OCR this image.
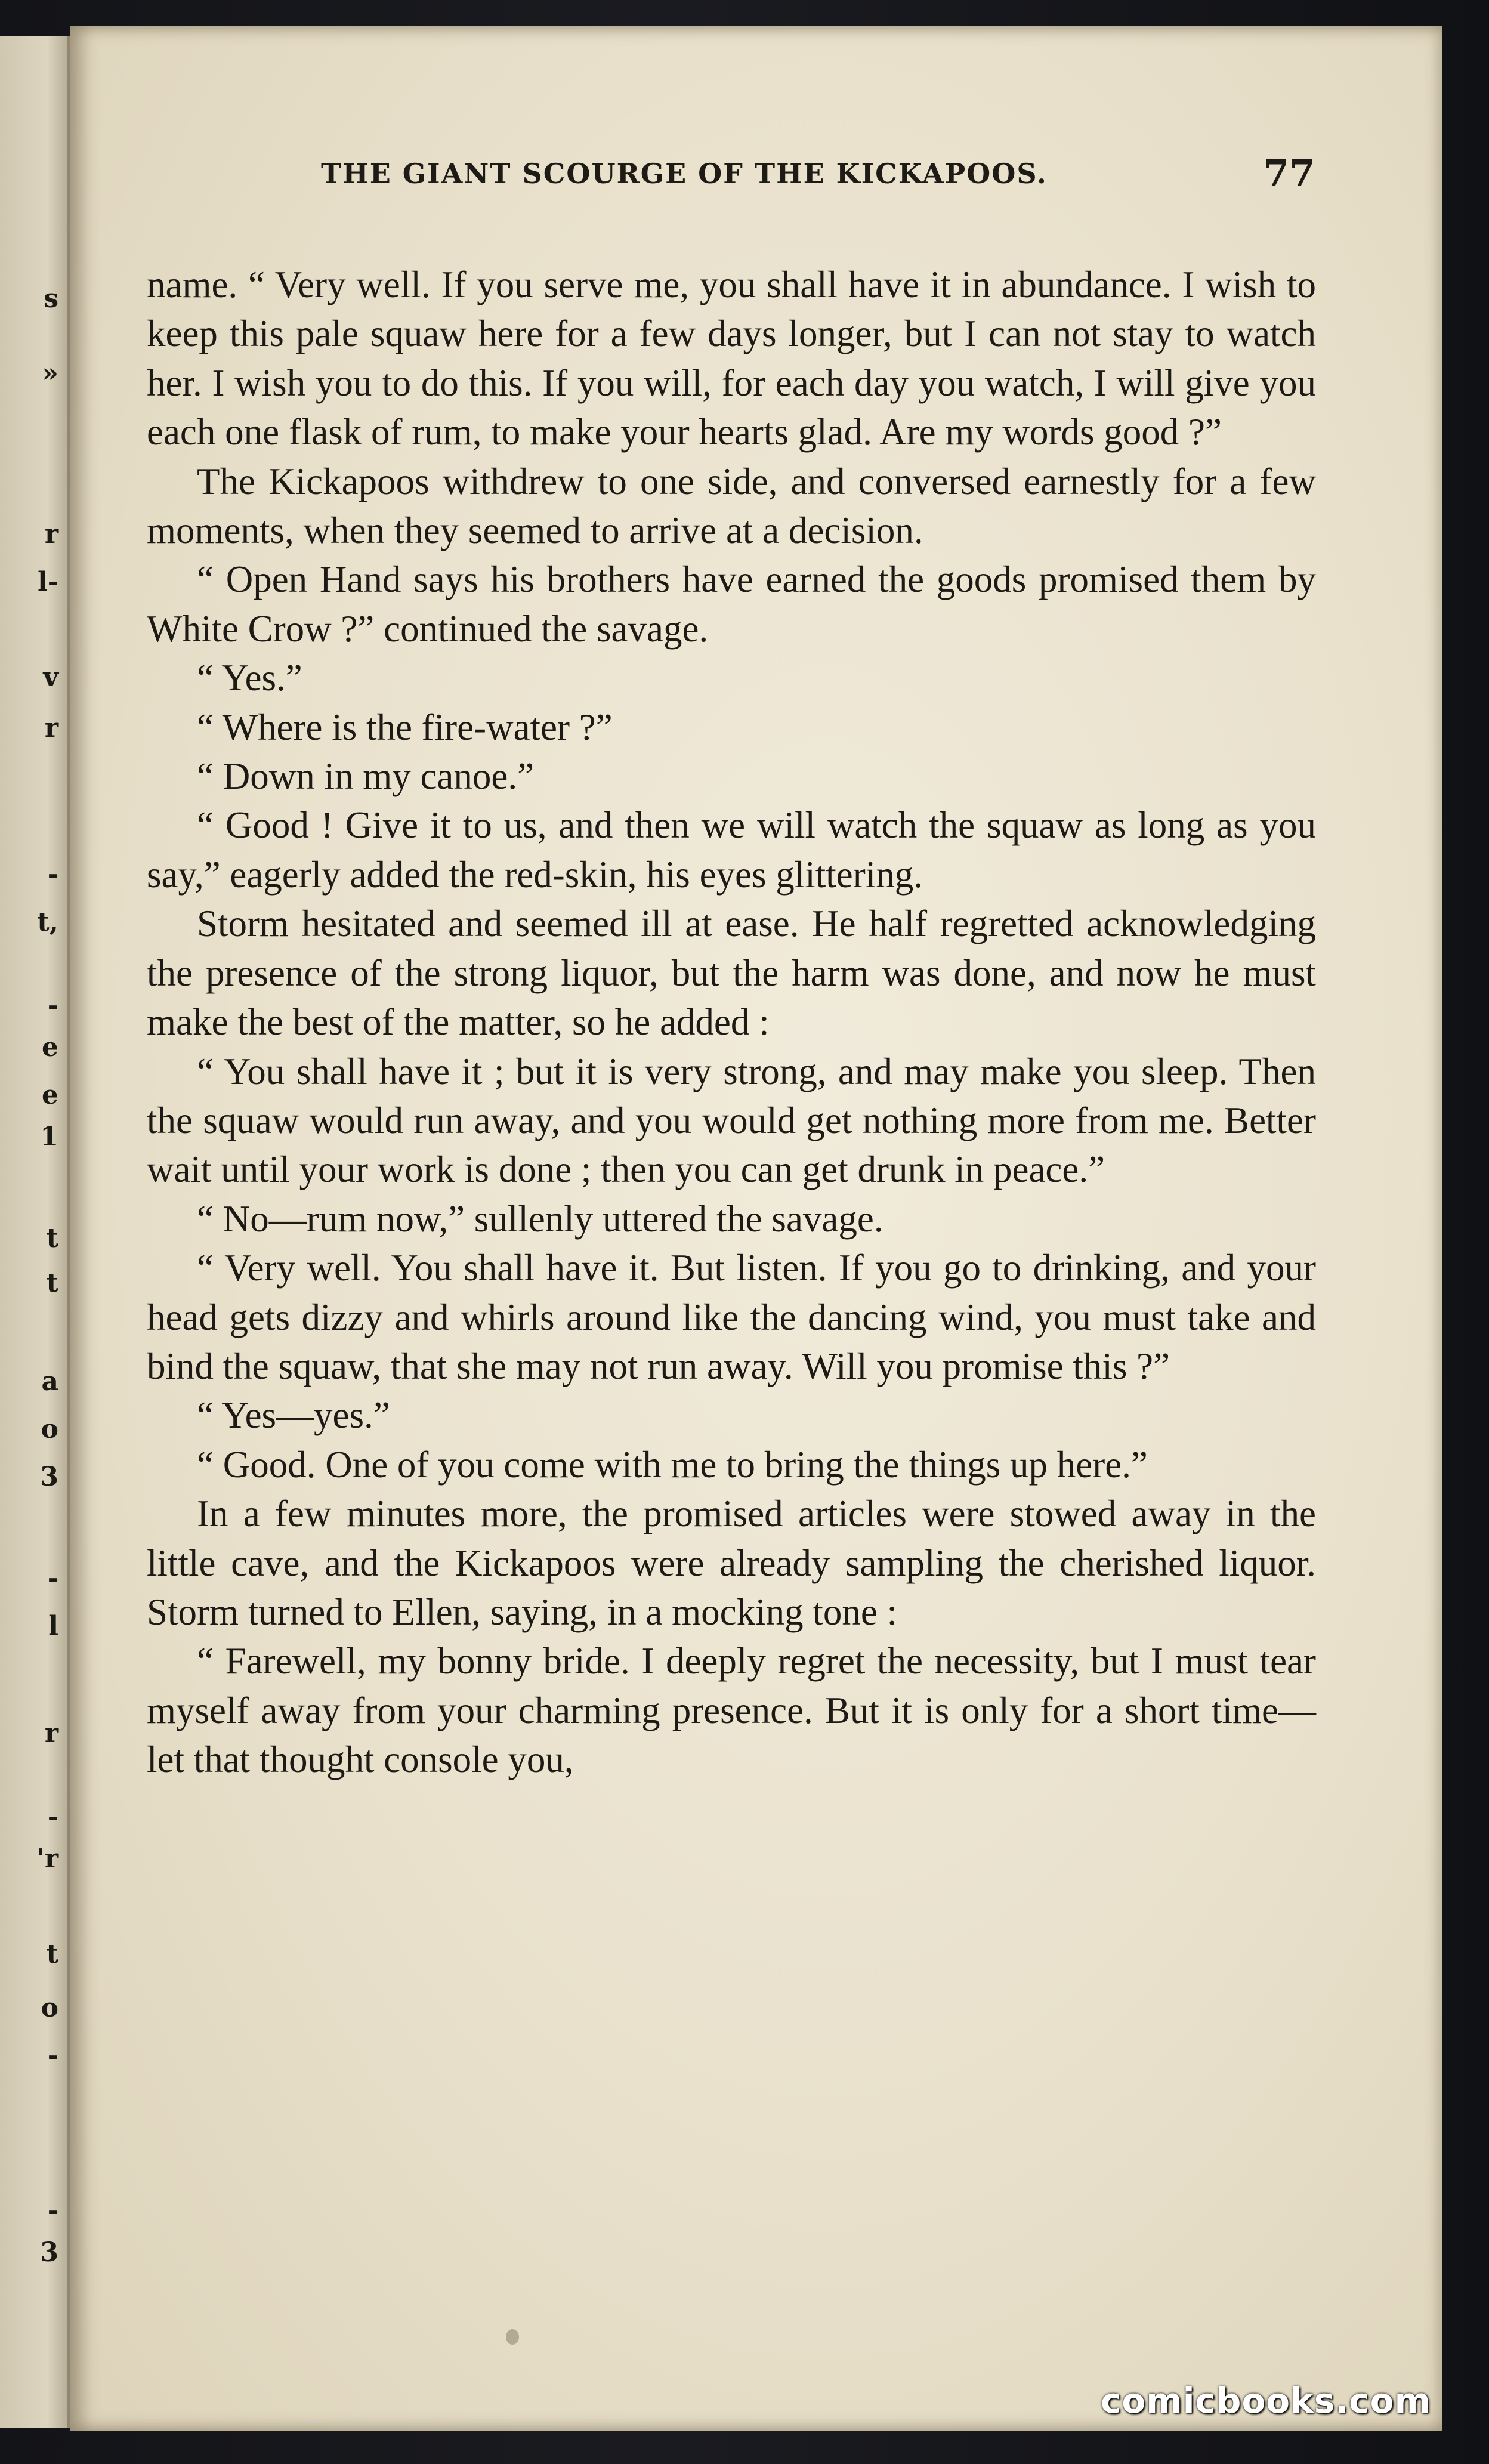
s
»
r
l-
v
r
-
t,
-
e
e
1
t
t
a
o
3
-
l
r
-
'r
t
o
-
-
3
THE GIANT SCOURGE OF THE KICKAPOOS.	77

name. “ Very well. If you serve me, you shall have it in abundance. I wish to keep this pale squaw here for a few days longer, but I can not stay to watch her. I wish you to do this. If you will, for each day you watch, I will give you each one flask of rum, to make your hearts glad. Are my words good ?”

The Kickapoos withdrew to one side, and conversed earnestly for a few moments, when they seemed to arrive at a decision.

“ Open Hand says his brothers have earned the goods promised them by White Crow ?” continued the savage.

“ Yes.”

“ Where is the fire-water ?”

“ Down in my canoe.”

“ Good ! Give it to us, and then we will watch the squaw as long as you say,” eagerly added the red-skin, his eyes glittering.

Storm hesitated and seemed ill at ease. He half regretted acknowledging the presence of the strong liquor, but the harm was done, and now he must make the best of the matter, so he added :

“ You shall have it ; but it is very strong, and may make you sleep. Then the squaw would run away, and you would get nothing more from me. Better wait until your work is done ; then you can get drunk in peace.”

“ No—rum now,” sullenly uttered the savage.

“ Very well. You shall have it. But listen. If you go to drinking, and your head gets dizzy and whirls around like the dancing wind, you must take and bind the squaw, that she may not run away. Will you promise this ?”

“ Yes—yes.”

“ Good. One of you come with me to bring the things up here.”

In a few minutes more, the promised articles were stowed away in the little cave, and the Kickapoos were already sampling the cherished liquor. Storm turned to Ellen, saying, in a mocking tone :

“ Farewell, my bonny bride. I deeply regret the necessity, but I must tear myself away from your charming presence. But it is only for a short time—let that thought console you,

comicbooks.com
